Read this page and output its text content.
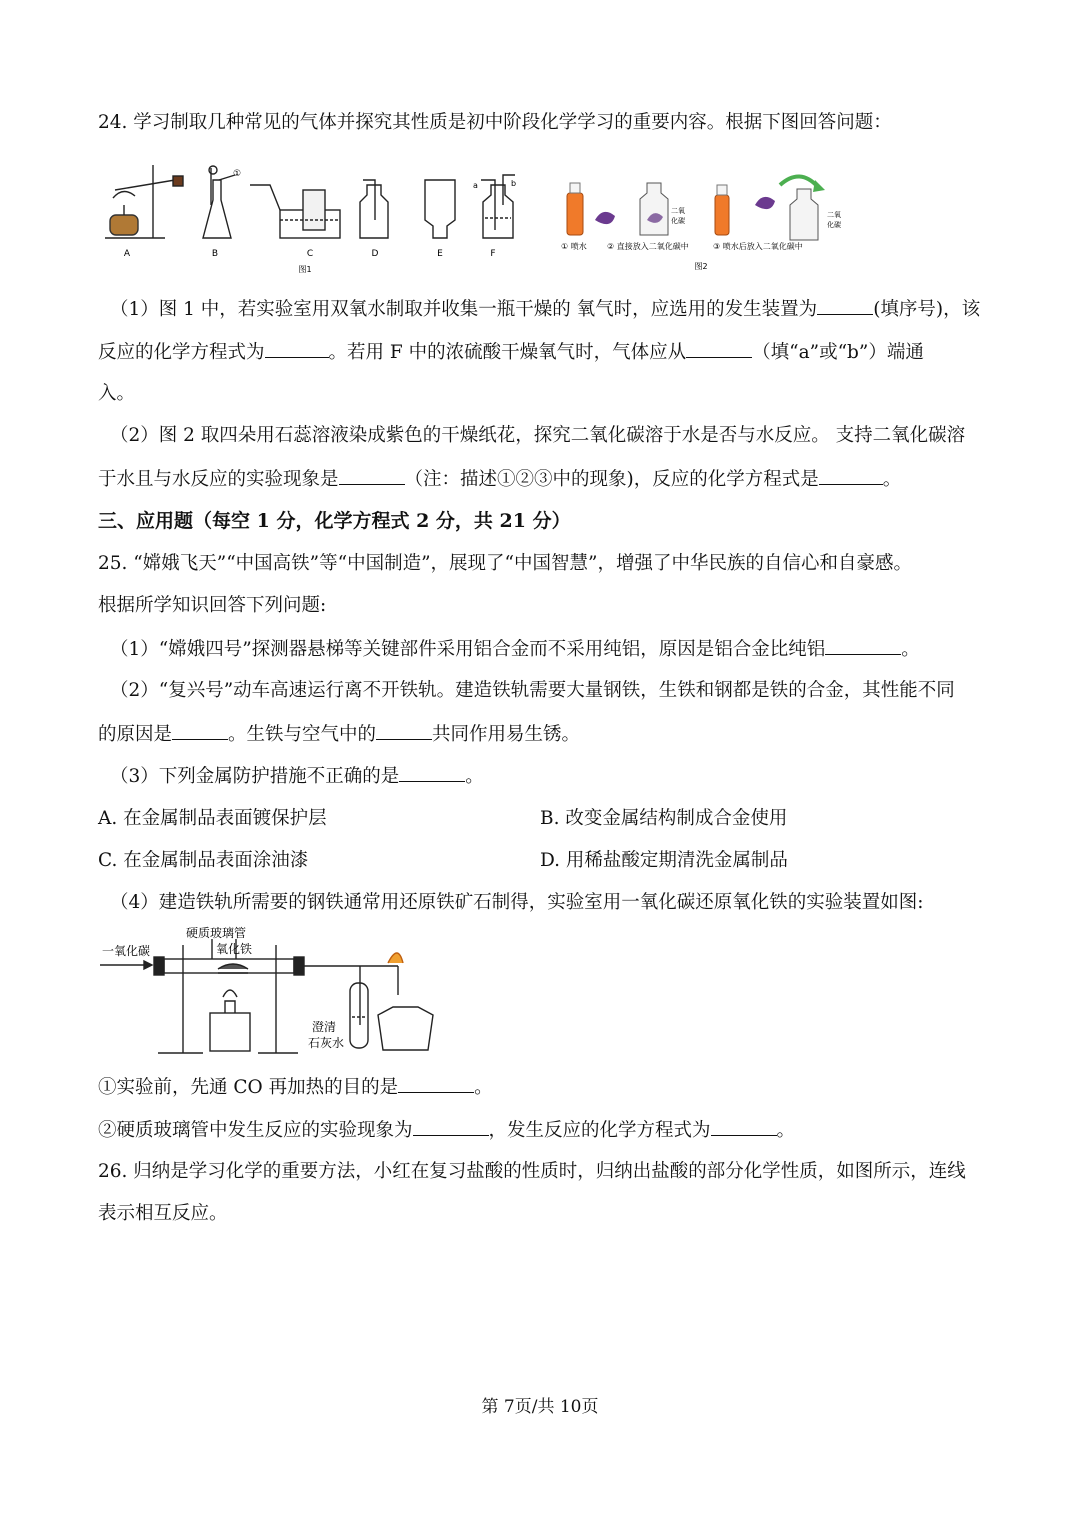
24. 学习制取几种常见的气体并探究其性质是初中阶段化学学习的重要内容。根据下图回答问题：
A	B	C	D	E	F
①
a	b
图1
二氧
化碳
二氧
化碳
① 喷水	② 直接放入二氧化碳中	③ 喷水后放入二氧化碳中
图2
（1）图 1 中，若实验室用双氧水制取并收集一瓶干燥的 氧气时，应选用的发生装置为	(填序号)，该
反应的化学方程式为	。若用 F 中的浓硫酸干燥氧气时，气体应从	（填“a”或“b”）端通
入。
（2）图 2 取四朵用石蕊溶液染成紫色的干燥纸花，探究二氧化碳溶于水是否与水反应。 支持二氧化碳溶
于水且与水反应的实验现象是	（注：描述①②③中的现象)，反应的化学方程式是	。
三、应用题（每空 1 分，化学方程式 2 分，共 21 分）
25. “嫦娥飞天”“中国高铁”等“中国制造”，展现了“中国智慧”，增强了中华民族的自信心和自豪感。
根据所学知识回答下列问题:
（1）“嫦娥四号”探测器悬梯等关键部件采用铝合金而不采用纯铝，原因是铝合金比纯铝	。
（2）“复兴号”动车高速运行离不开铁轨。建造铁轨需要大量钢铁，生铁和钢都是铁的合金，其性能不同
的原因是	。生铁与空气中的	共同作用易生锈。
（3）下列金属防护措施不正确的是	。
A. 在金属制品表面镀保护层	B. 改变金属结构制成合金使用
C. 在金属制品表面涂油漆	D. 用稀盐酸定期清洗金属制品
（4）建造铁轨所需要的钢铁通常用还原铁矿石制得，实验室用一氧化碳还原氧化铁的实验装置如图:
一氧化碳
硬质玻璃管
氧化铁
澄清
石灰水
①实验前，先通 CO 再加热的目的是	。
②硬质玻璃管中发生反应的实验现象为	，发生反应的化学方程式为	。
26. 归纳是学习化学的重要方法，小红在复习盐酸的性质时，归纳出盐酸的部分化学性质，如图所示，连线
表示相互反应。
第 7页/共 10页
